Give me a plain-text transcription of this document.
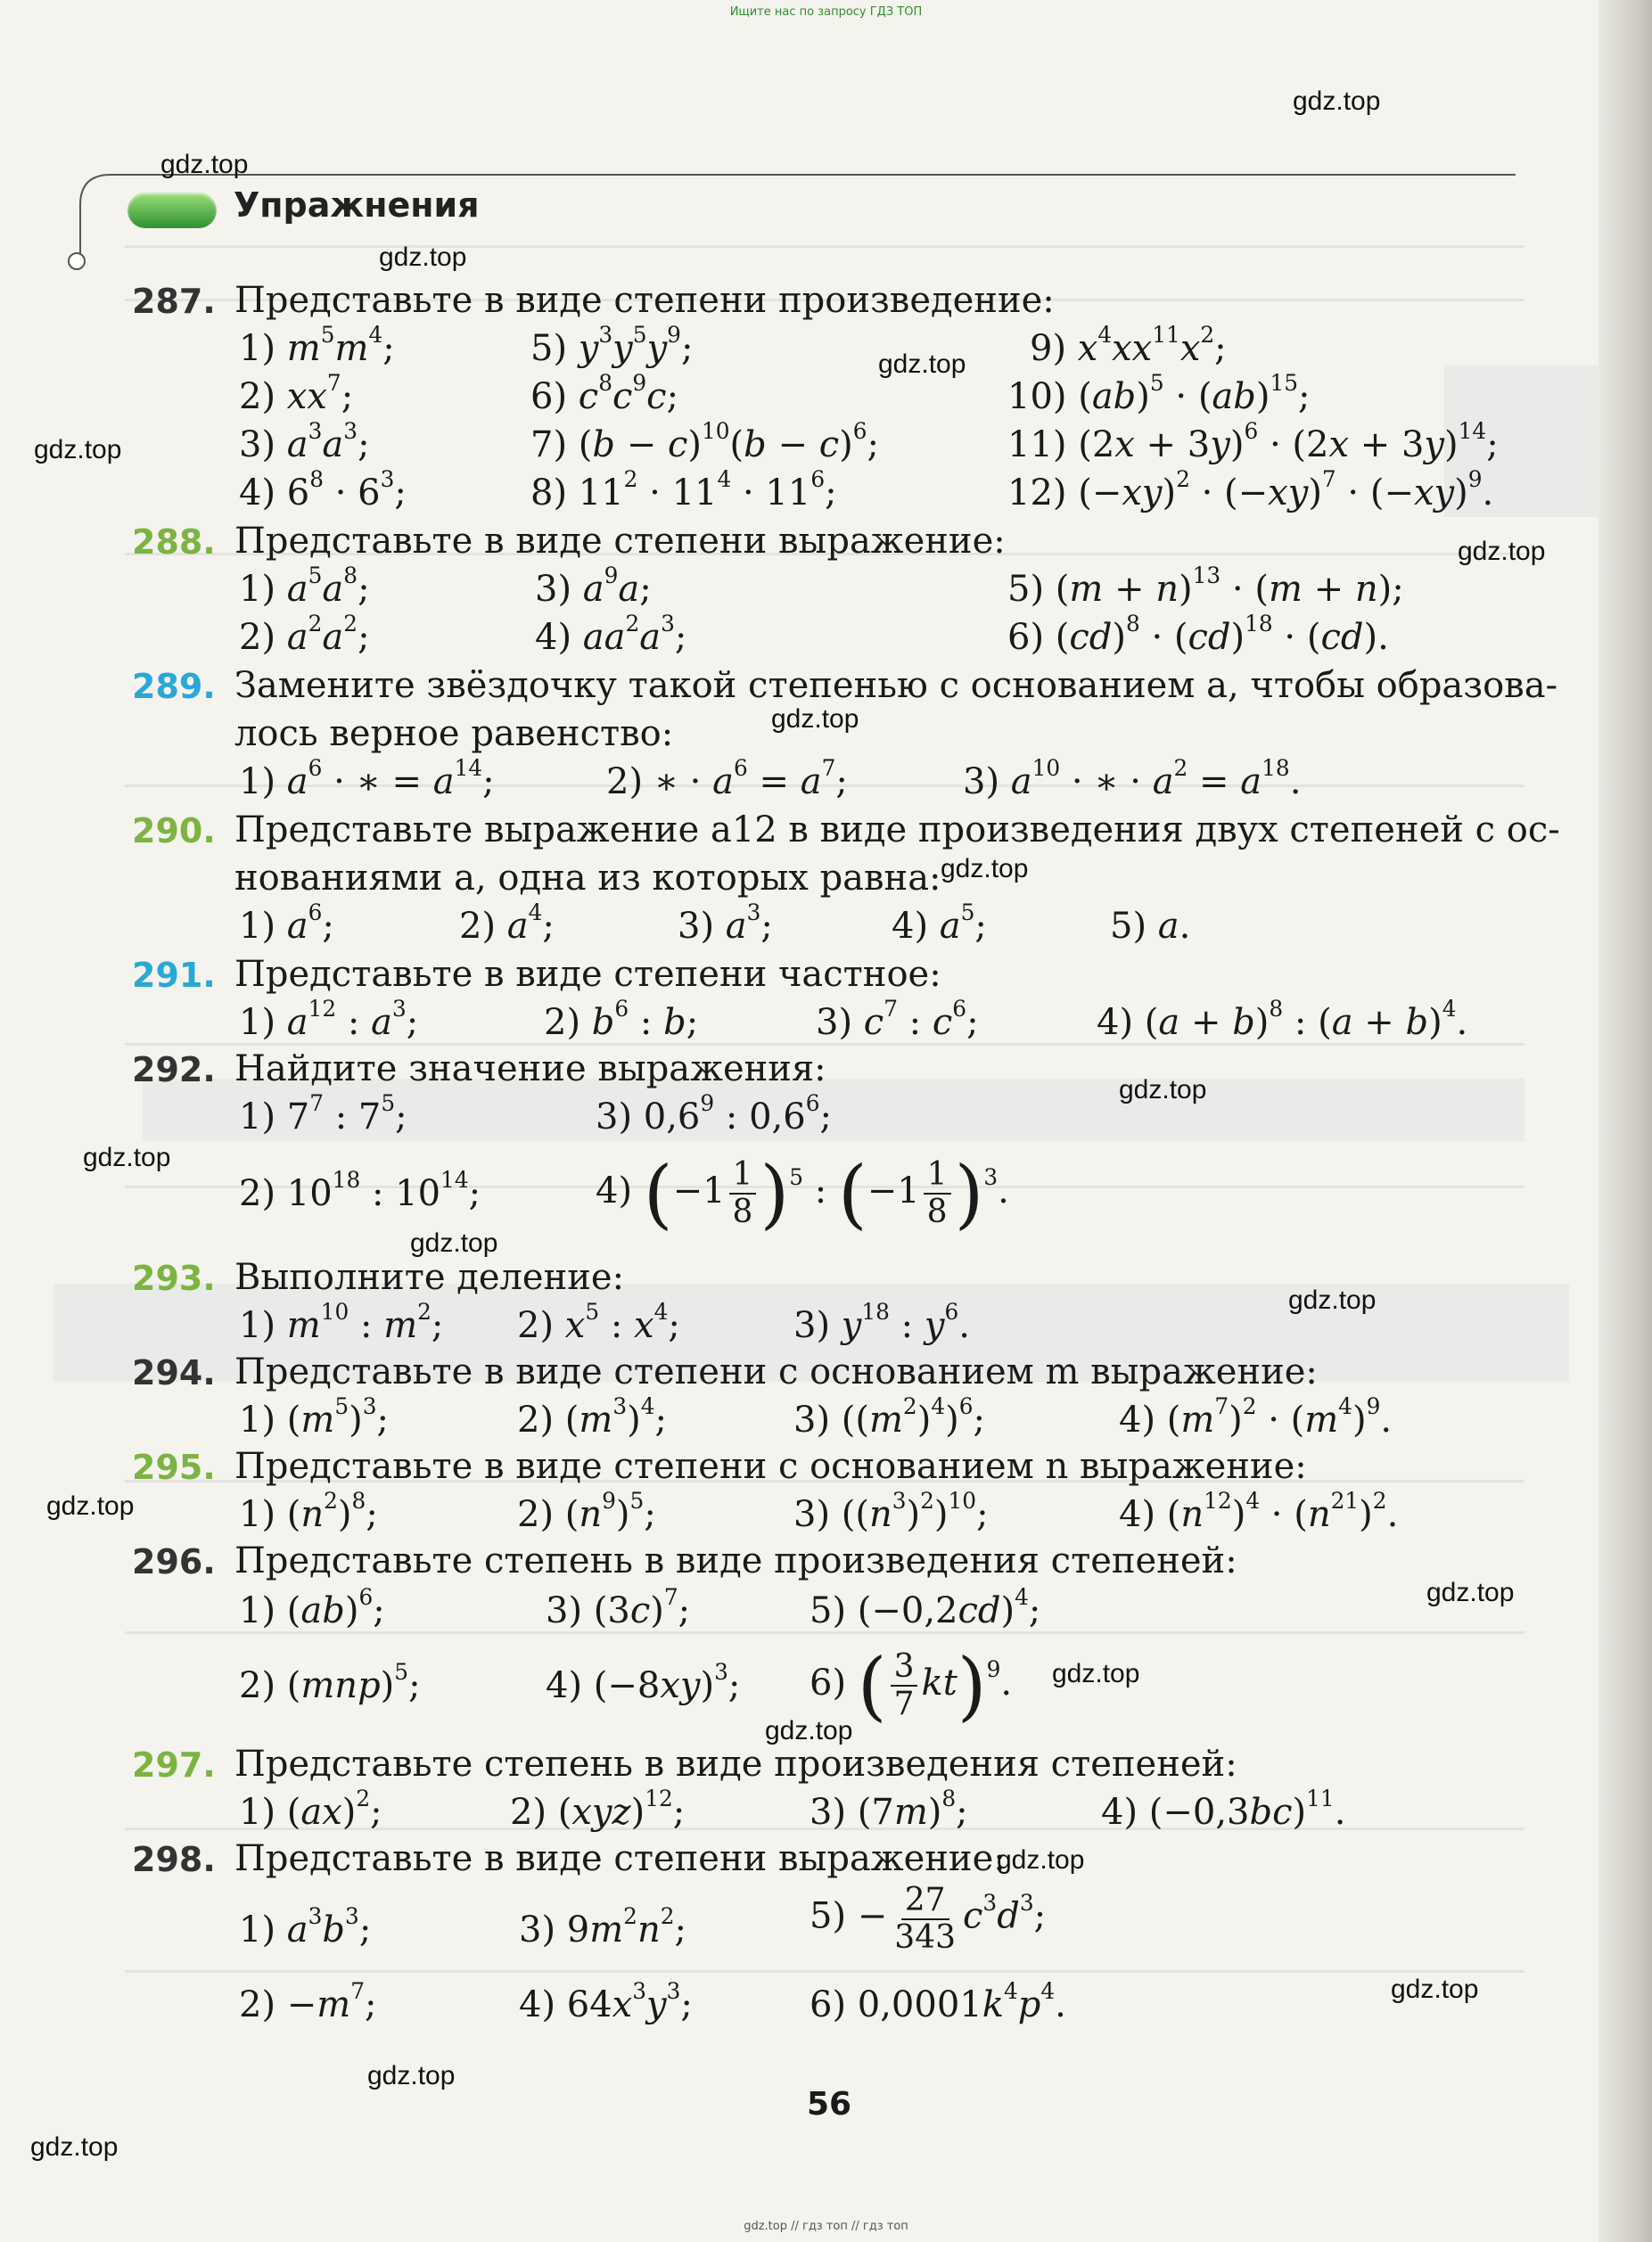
Ищите нас по запросу ГДЗ ТОП
Упражнения
287. Представьте в виде степени произведение:
1) $m^5m^4$;	5) $y^3y^5y^9$;	9) $x^4xx^{11}x^2$;
2) $xx^7$;	6) $c^8c^9c$;	10) (ab)$^5$ · (ab)$^{15}$;
3) $a^3a^3$;	7) $(b - c)^{10}(b - c)^6$;	11) $(2x + 3y)^6 \cdot (2x + 3y)^{14}$;
4) $6^8 \cdot 6^3$;	8) $11^2 \cdot 11^4 \cdot 11^6$;	12) $(-xy)^2 \cdot (-xy)^7 \cdot (-xy)^9$.
288. Представьте в виде степени выражение:
1) $a^5a^8$;	3) $a^9a$;	5) $(m + n)^{13} \cdot (m + n)$;
2) $a^2a^2$;	4) $aa^2a^3$;	6) (cd)$^8$ · (cd)$^{18}$ · (cd).
289. Замените звёздочку такой степенью с основанием a, чтобы образова-
лось верное равенство:
1) $a^6$ · ∗ = $a^{14}$;	2) ∗ · $a^6 = a^7$;	3) $a^{10}$ · ∗ · $a^2 = a^{18}$.
290. Представьте выражение a12 в виде произведения двух степеней с ос-
нованиями a, одна из которых равна:
1) $a^6$;	2) $a^4$;	3) $a^3$;	4) $a^5$;	5) a.
291. Представьте в виде степени частное:
1) $a^{12}$ : $a^3$;	2) $b^6$ : b;	3) $c^7$ : $c^6$;	4) $(a + b)^8$ : $(a + b)^4$.
292. Найдите значение выражения:
1) $7^7$ : $7^5$;	3) $0,6^9$ : $0,6^6$;
2) $10^{18}$ : $10^{14}$;	4) $(-1 \frac{1}{8} )^5$ : $(-1 \frac{1}{8} )^3$.
293. Выполните деление:
1) $m^{10}$ : $m^2$; 2) $x^5$ : $x^4$;	3) $y^{18}$ : $y^6$.
294. Представьте в виде степени с основанием m выражение:
1) $(m^5)^3$;	2) $(m^3)^4$;	3) $((m^2)^4)^6$;	4) $(m^7)^2 \cdot (m^4)^9$.
295. Представьте в виде степени с основанием n выражение:
1) $(n^2)^8$;	2) $(n^9)^5$;	3) $((n^3)^2)^{10}$;	4) $(n^{12})^4 \cdot (n^{21})^2$.
296. Представьте степень в виде произведения степеней:
1) (ab)$^6$;	3) $(3c)^7$;	5) $(-0,2cd)^4$;
2) (mnp)$^5$;	4) $(-8xy)^3$; 6) ( $\frac{3}{7} kt)^9$.
297. Представьте степень в виде произведения степеней:
1) (ax)$^2$;	2) (xyz)$^{12}$;	3) $(7m)^8$;	4) $(-0,3bc)^{11}$.
298. Представьте в виде степени выражение:
1) $a^3b^3$;	3) $9m^2n^2$;	$5) - \frac{27}{343} c^3d^3$;
$2) -m^7$;	4) $64x^3y^3$;	6) $0,0001k^4p^4$.
56
gdz.top
gdz.top
gdz.top
gdz.top
gdz.top
gdz.top
gdz.top
gdz.top
gdz.top
gdz.top
gdz.top
gdz.top
gdz.top
gdz.top
gdz.top
gdz.top
gdz.top
gdz.top
gdz.top
gdz.top
gdz.top // гдз топ // гдз топ
